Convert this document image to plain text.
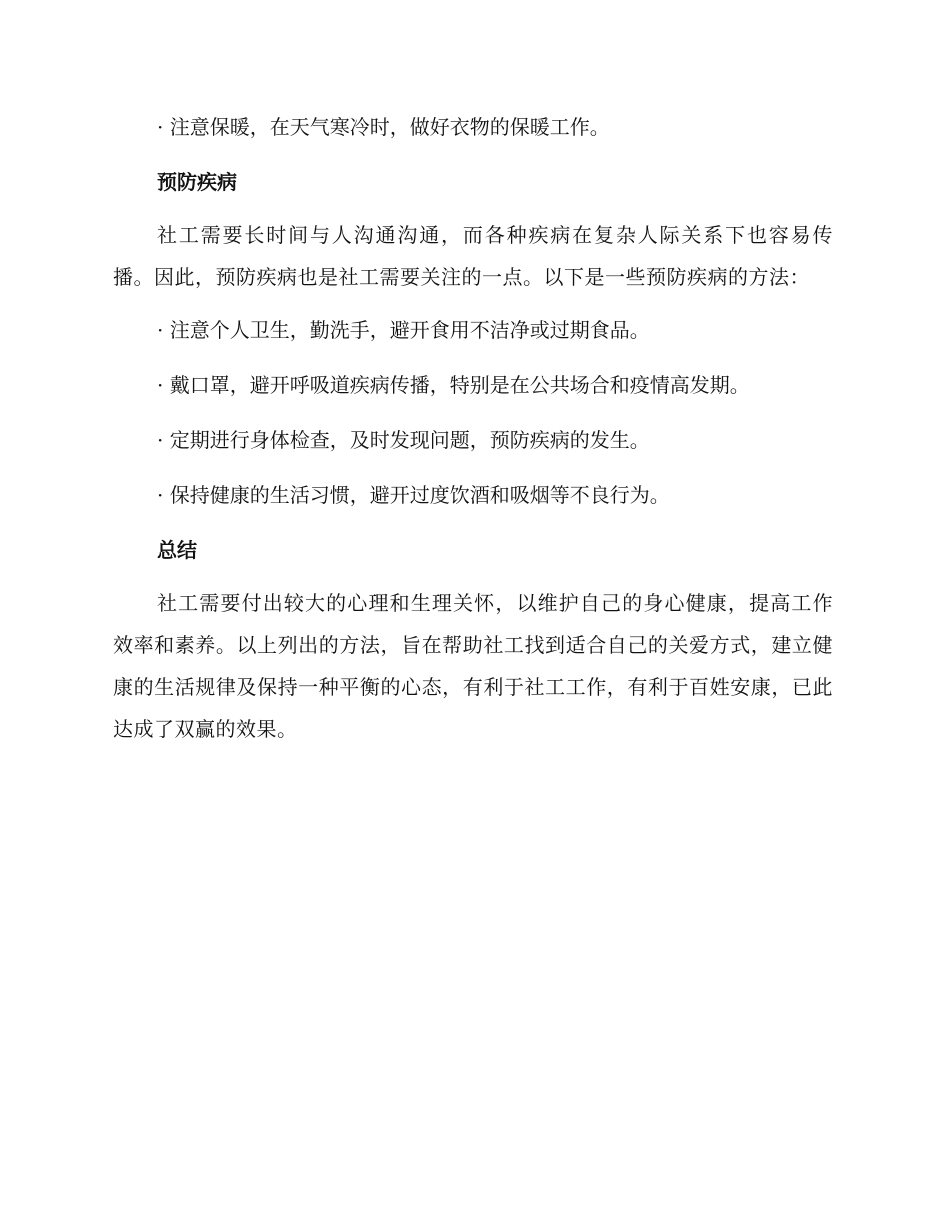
· 注意保暖，在天气寒冷时，做好衣物的保暖工作。

预防疾病

社工需要长时间与人沟通沟通，而各种疾病在复杂人际关系下也容易传播。因此，预防疾病也是社工需要关注的一点。以下是一些预防疾病的方法：

· 注意个人卫生，勤洗手，避开食用不洁净或过期食品。

· 戴口罩，避开呼吸道疾病传播，特别是在公共场合和疫情高发期。

· 定期进行身体检查，及时发现问题，预防疾病的发生。

· 保持健康的生活习惯，避开过度饮酒和吸烟等不良行为。

总结

社工需要付出较大的心理和生理关怀，以维护自己的身心健康，提高工作效率和素养。以上列出的方法，旨在帮助社工找到适合自己的关爱方式，建立健康的生活规律及保持一种平衡的心态，有利于社工工作，有利于百姓安康，已此达成了双赢的效果。
